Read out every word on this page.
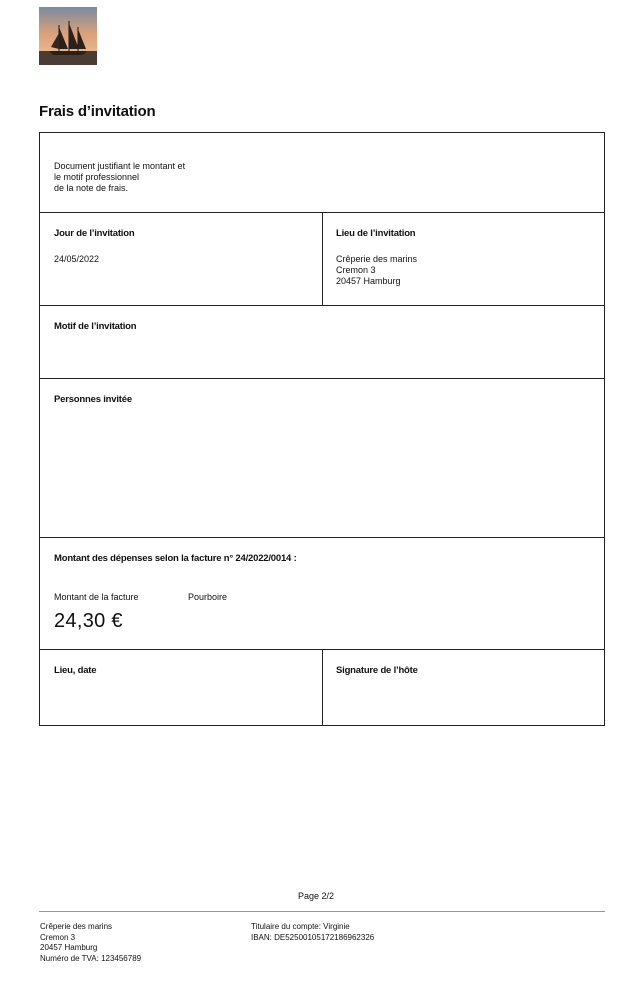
Frais d’invitation
Document justifiant le montant et
le motif professionnel
de la note de frais.
Jour de l’invitation
24/05/2022
Lieu de l’invitation
Crêperie des marins
Cremon 3
20457 Hamburg
Motif de l’invitation
Personnes invitée
Montant des dépenses selon la facture n° 24/2022/0014 :
Montant de la facture	Pourboire
24,30 €
Lieu, date	Signature de l’hôte
Page 2/2
Crêperie des marins
Cremon 3
20457 Hamburg
Numéro de TVA: 123456789
Titulaire du compte: Virginie
IBAN: DE52500105172186962326
